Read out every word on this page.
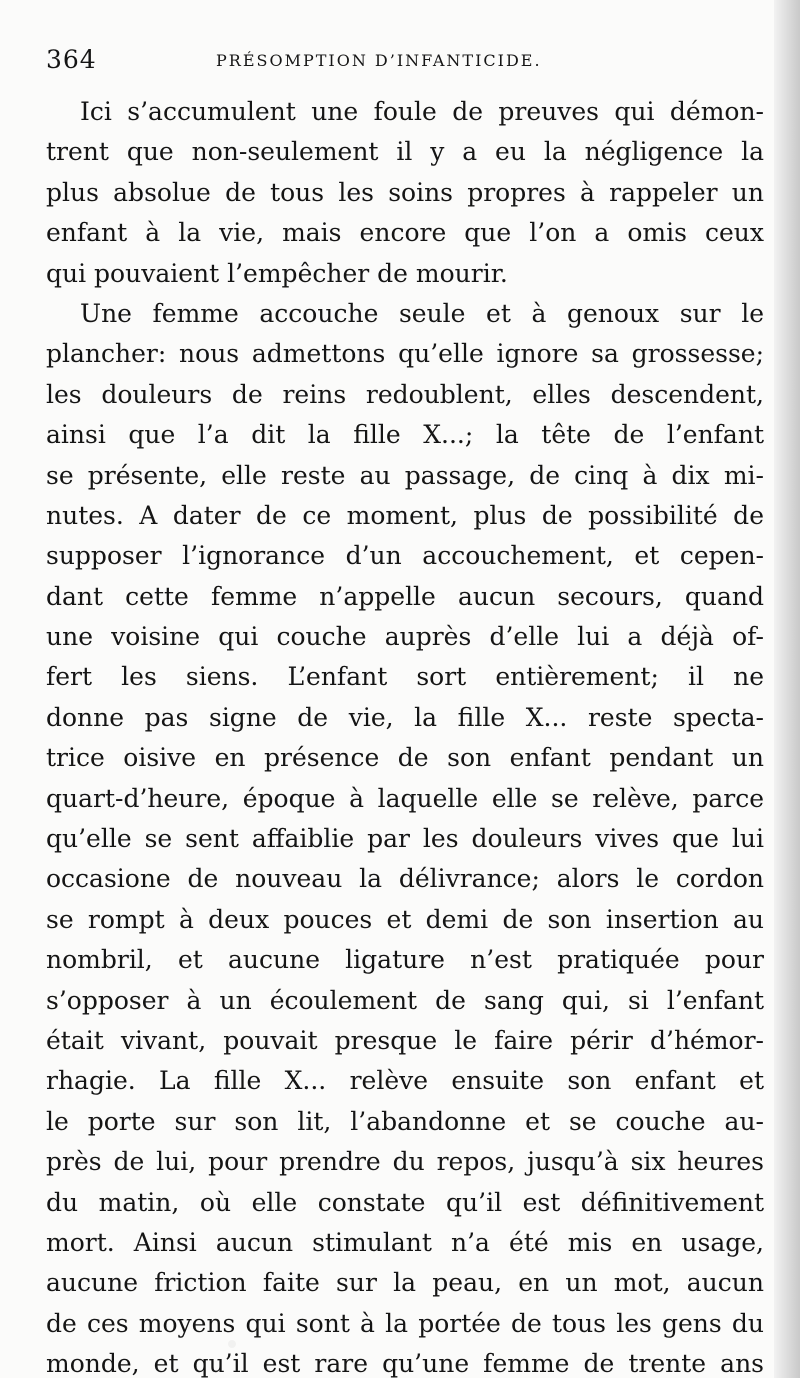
364	PRÉSOMPTION D’INFANTICIDE.
Ici s’accumulent une foule de preuves qui démon-
trent que non-seulement il y a eu la négligence la
plus absolue de tous les soins propres à rappeler un
enfant à la vie, mais encore que l’on a omis ceux
qui pouvaient l’empêcher de mourir.
Une femme accouche seule et à genoux sur le
plancher: nous admettons qu’elle ignore sa grossesse;
les douleurs de reins redoublent, elles descendent,
ainsi que l’a dit la fille X...; la tête de l’enfant
se présente, elle reste au passage, de cinq à dix mi-
nutes. A dater de ce moment, plus de possibilité de
supposer l’ignorance d’un accouchement, et cepen-
dant cette femme n’appelle aucun secours, quand
une voisine qui couche auprès d’elle lui a déjà of-
fert les siens. L’enfant sort entièrement; il ne
donne pas signe de vie, la fille X... reste specta-
trice oisive en présence de son enfant pendant un
quart-d’heure, époque à laquelle elle se relève, parce
qu’elle se sent affaiblie par les douleurs vives que lui
occasione de nouveau la délivrance; alors le cordon
se rompt à deux pouces et demi de son insertion au
nombril, et aucune ligature n’est pratiquée pour
s’opposer à un écoulement de sang qui, si l’enfant
était vivant, pouvait presque le faire périr d’hémor-
rhagie. La fille X... relève ensuite son enfant et
le porte sur son lit, l’abandonne et se couche au-
près de lui, pour prendre du repos, jusqu’à six heures
du matin, où elle constate qu’il est définitivement
mort. Ainsi aucun stimulant n’a été mis en usage,
aucune friction faite sur la peau, en un mot, aucun
de ces moyens qui sont à la portée de tous les gens du
monde, et qu’il est rare qu’une femme de trente ans
